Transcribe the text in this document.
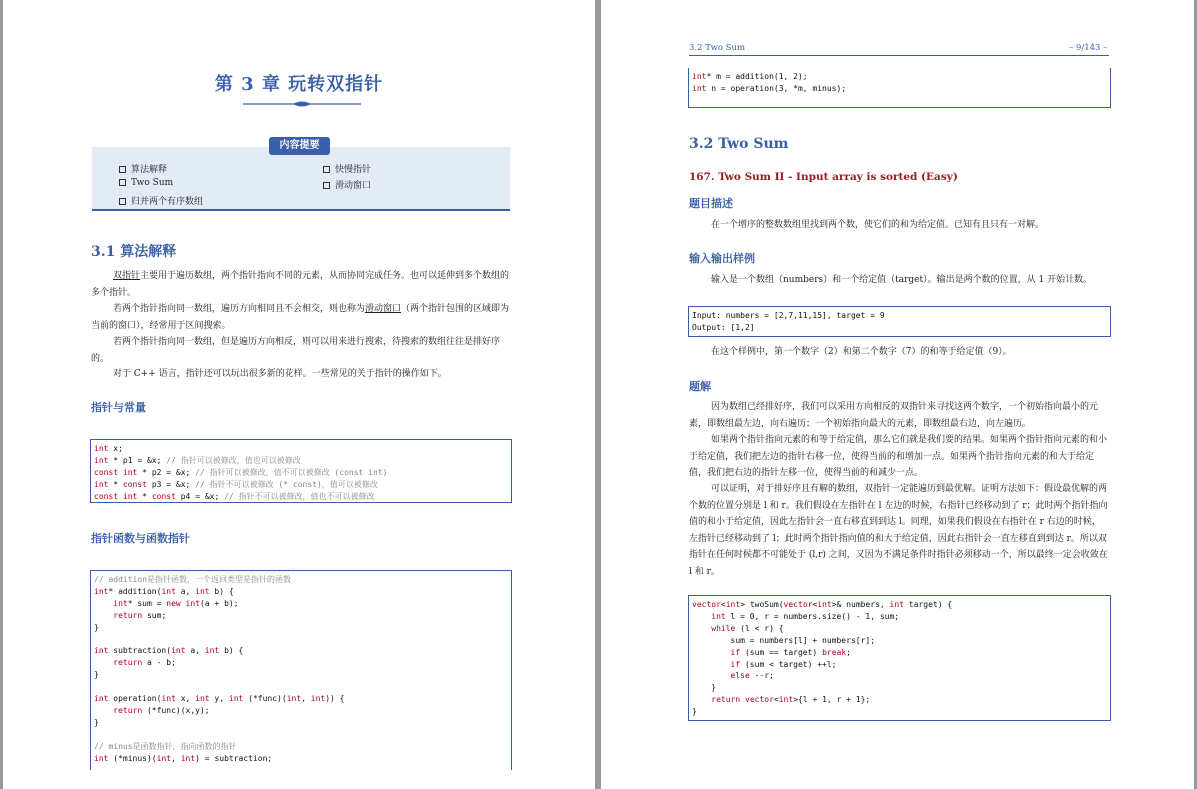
第 3 章 玩转双指针
内容提要
算法解释	快慢指针
Two Sum	滑动窗口
归并两个有序数组
3.1 算法解释
双指针主要用于遍历数组，两个指针指向不同的元素，从而协同完成任务。也可以延伸到多个数组的多个指针。
若两个指针指向同一数组，遍历方向相同且不会相交，则也称为滑动窗口（两个指针包围的区域即为当前的窗口），经常用于区间搜索。
若两个指针指向同一数组，但是遍历方向相反，则可以用来进行搜索，待搜索的数组往往是排好序的。
对于 C++ 语言，指针还可以玩出很多新的花样。一些常见的关于指针的操作如下。
指针与常量
int x;
int * p1 = &x; // 指针可以被修改，值也可以被修改
const int * p2 = &x; // 指针可以被修改，值不可以被修改 (const int)
int * const p3 = &x; // 指针不可以被修改 (* const)，值可以被修改
const int * const p4 = &x; // 指针不可以被修改，值也不可以被修改
指针函数与函数指针
// addition是指针函数，一个返回类型是指针的函数
int* addition(int a, int b) {
int* sum = new int(a + b);
return sum;
}

int subtraction(int a, int b) {
return a - b;
}

int operation(int x, int y, int (*func)(int, int)) {
return (*func)(x,y);
}

// minus是函数指针，指向函数的指针
int (*minus)(int, int) = subtraction;
3.2 Two Sum	– 9/143 –
int* m = addition(1, 2);
int n = operation(3, *m, minus);
3.2 Two Sum
167. Two Sum II - Input array is sorted (Easy)
题目描述
在一个增序的整数数组里找到两个数，使它们的和为给定值。已知有且只有一对解。
输入输出样例
输入是一个数组（numbers）和一个给定值（target）。输出是两个数的位置，从 1 开始计数。
Input: numbers = [2,7,11,15], target = 9
Output: [1,2]
在这个样例中，第一个数字（2）和第二个数字（7）的和等于给定值（9）。
题解
因为数组已经排好序，我们可以采用方向相反的双指针来寻找这两个数字，一个初始指向最小的元素，即数组最左边，向右遍历；一个初始指向最大的元素，即数组最右边，向左遍历。
如果两个指针指向元素的和等于给定值，那么它们就是我们要的结果。如果两个指针指向元素的和小于给定值，我们把左边的指针右移一位，使得当前的和增加一点。如果两个指针指向元素的和大于给定值，我们把右边的指针左移一位，使得当前的和减少一点。
可以证明，对于排好序且有解的数组，双指针一定能遍历到最优解。证明方法如下：假设最优解的两个数的位置分别是 l 和 r。我们假设在左指针在 l 左边的时候，右指针已经移动到了 r；此时两个指针指向值的和小于给定值，因此左指针会一直右移直到到达 l。同理，如果我们假设在右指针在 r 右边的时候，左指针已经移动到了 l；此时两个指针指向值的和大于给定值，因此右指针会一直左移直到到达 r。所以双指针在任何时候都不可能处于 (l,r) 之间，又因为不满足条件时指针必须移动一个，所以最终一定会收敛在 l 和 r。
vector<int> twoSum(vector<int>& numbers, int target) {
int l = 0, r = numbers.size() - 1, sum;
while (l < r) {
sum = numbers[l] + numbers[r];
if (sum == target) break;
if (sum < target) ++l;
else --r;
}
return vector<int>{l + 1, r + 1};
}
